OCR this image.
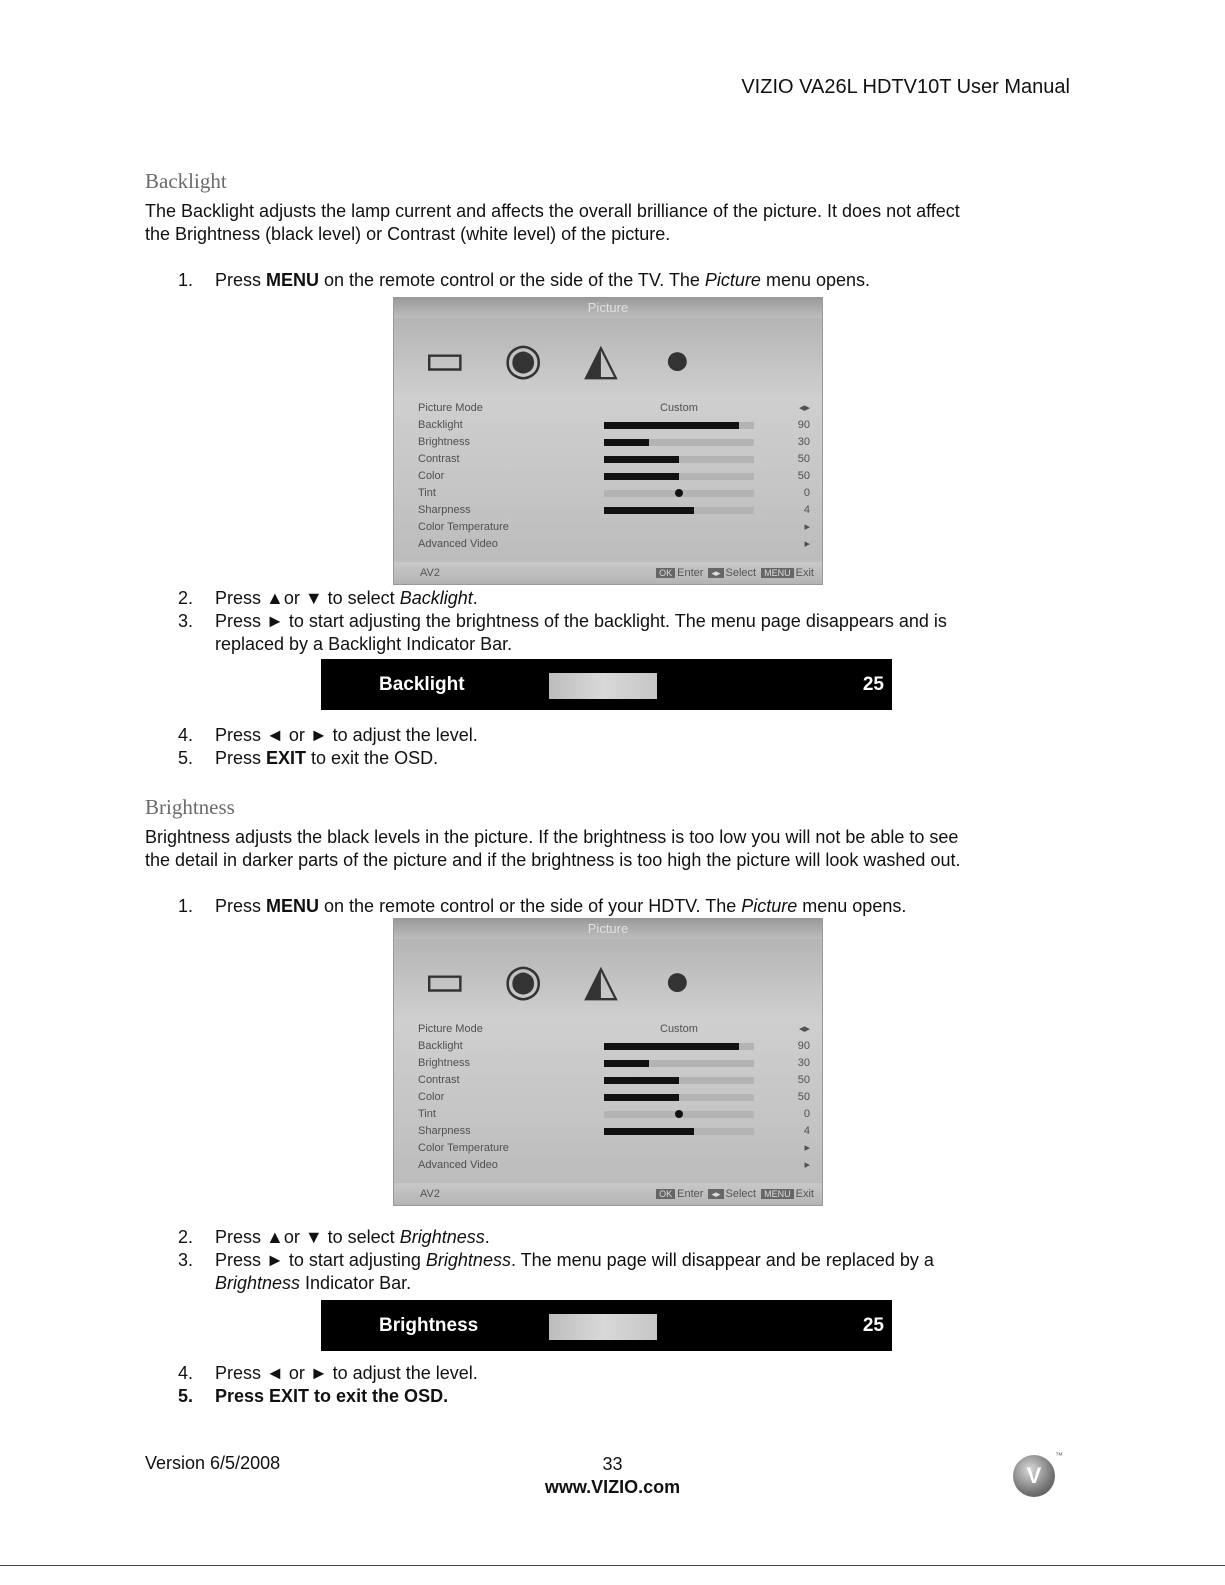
VIZIO VA26L HDTV10T User Manual
Backlight
The Backlight adjusts the lamp current and affects the overall brilliance of the picture. It does not affect
the Brightness (black level) or Contrast (white level) of the picture.
1. Press MENU on the remote control or the side of the TV. The Picture menu opens.
Picture
▭ ◉ ◭ ●
Picture Mode	Custom	◂▸
Backlight	90
Brightness	30
Contrast	50
Color	50
Tint	0
Sharpness	4
Color Temperature	▸
Advanced Video	▸
AV2	OK Enter ◂▸ Select MENU Exit
2. Press ▲or ▼ to select Backlight.
3. Press ► to start adjusting the brightness of the backlight. The menu page disappears and is
replaced by a Backlight Indicator Bar.
Backlight	25
4. Press ◄ or ► to adjust the level.
5. Press EXIT to exit the OSD.
Brightness
Brightness adjusts the black levels in the picture. If the brightness is too low you will not be able to see
the detail in darker parts of the picture and if the brightness is too high the picture will look washed out.
1. Press MENU on the remote control or the side of your HDTV. The Picture menu opens.
Picture
▭ ◉ ◭ ●
Picture Mode	Custom	◂▸
Backlight	90
Brightness	30
Contrast	50
Color	50
Tint	0
Sharpness	4
Color Temperature	▸
Advanced Video	▸
AV2	OK Enter ◂▸ Select MENU Exit
2. Press ▲or ▼ to select Brightness.
3. Press ► to start adjusting Brightness. The menu page will disappear and be replaced by a
Brightness Indicator Bar.
Brightness	25
4. Press ◄ or ► to adjust the level.
5. Press EXIT to exit the OSD.
Version 6/5/2008	33
www.VIZIO.com	V
™
